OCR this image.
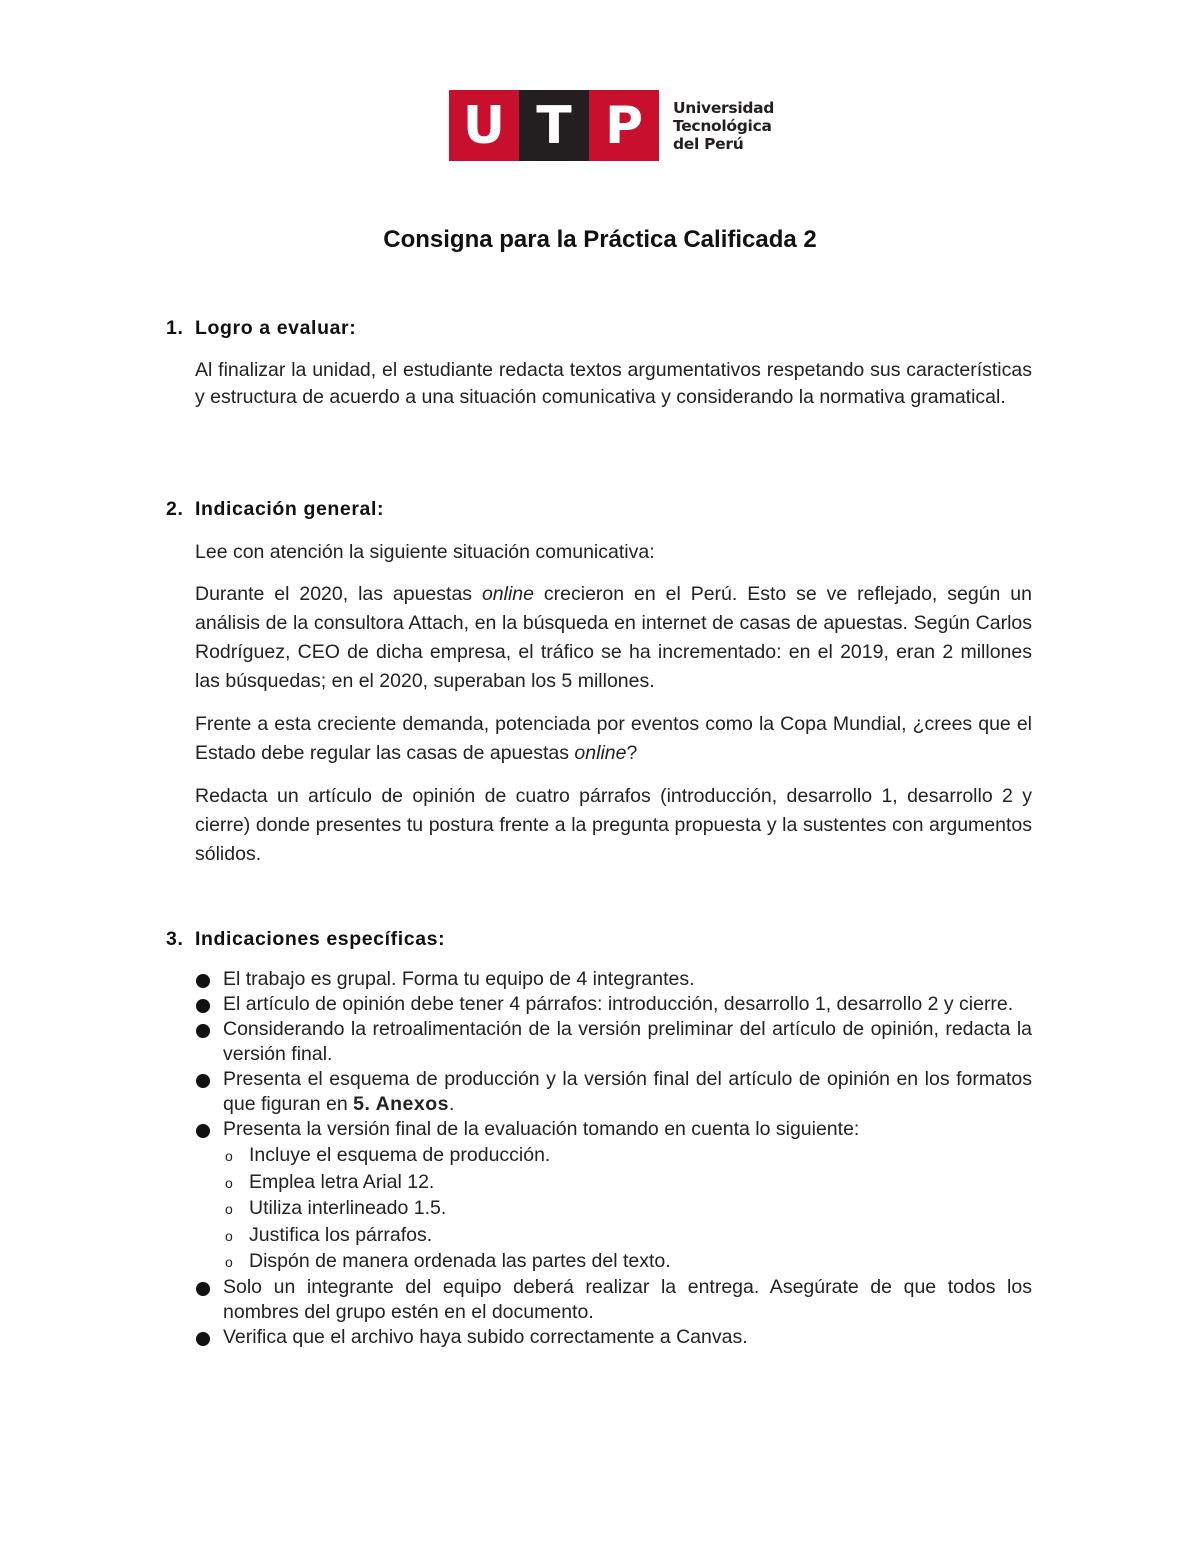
U T P	Universidad
Tecnológica
del Perú
Consigna para la Práctica Calificada 2
1. Logro a evaluar:

Al finalizar la unidad, el estudiante redacta textos argumentativos respetando sus características y estructura de acuerdo a una situación comunicativa y considerando la normativa gramatical.

2. Indicación general:

Lee con atención la siguiente situación comunicativa:

Durante el 2020, las apuestas online crecieron en el Perú. Esto se ve reflejado, según un análisis de la consultora Attach, en la búsqueda en internet de casas de apuestas. Según Carlos Rodríguez, CEO de dicha empresa, el tráfico se ha incrementado: en el 2019, eran 2 millones las búsquedas; en el 2020, superaban los 5 millones.

Frente a esta creciente demanda, potenciada por eventos como la Copa Mundial, ¿crees que el Estado debe regular las casas de apuestas online?

Redacta un artículo de opinión de cuatro párrafos (introducción, desarrollo 1, desarrollo 2 y cierre) donde presentes tu postura frente a la pregunta propuesta y la sustentes con argumentos sólidos.

3. Indicaciones específicas:
El trabajo es grupal. Forma tu equipo de 4 integrantes.
El artículo de opinión debe tener 4 párrafos: introducción, desarrollo 1, desarrollo 2 y cierre.
Considerando la retroalimentación de la versión preliminar del artículo de opinión, redacta la versión final.
Presenta el esquema de producción y la versión final del artículo de opinión en los formatos que figuran en 5. Anexos.
Presenta la versión final de la evaluación tomando en cuenta lo siguiente:
o Incluye el esquema de producción.
o Emplea letra Arial 12.
o Utiliza interlineado 1.5.
o Justifica los párrafos.
o Dispón de manera ordenada las partes del texto.
Solo un integrante del equipo deberá realizar la entrega. Asegúrate de que todos los nombres del grupo estén en el documento.
Verifica que el archivo haya subido correctamente a Canvas.
